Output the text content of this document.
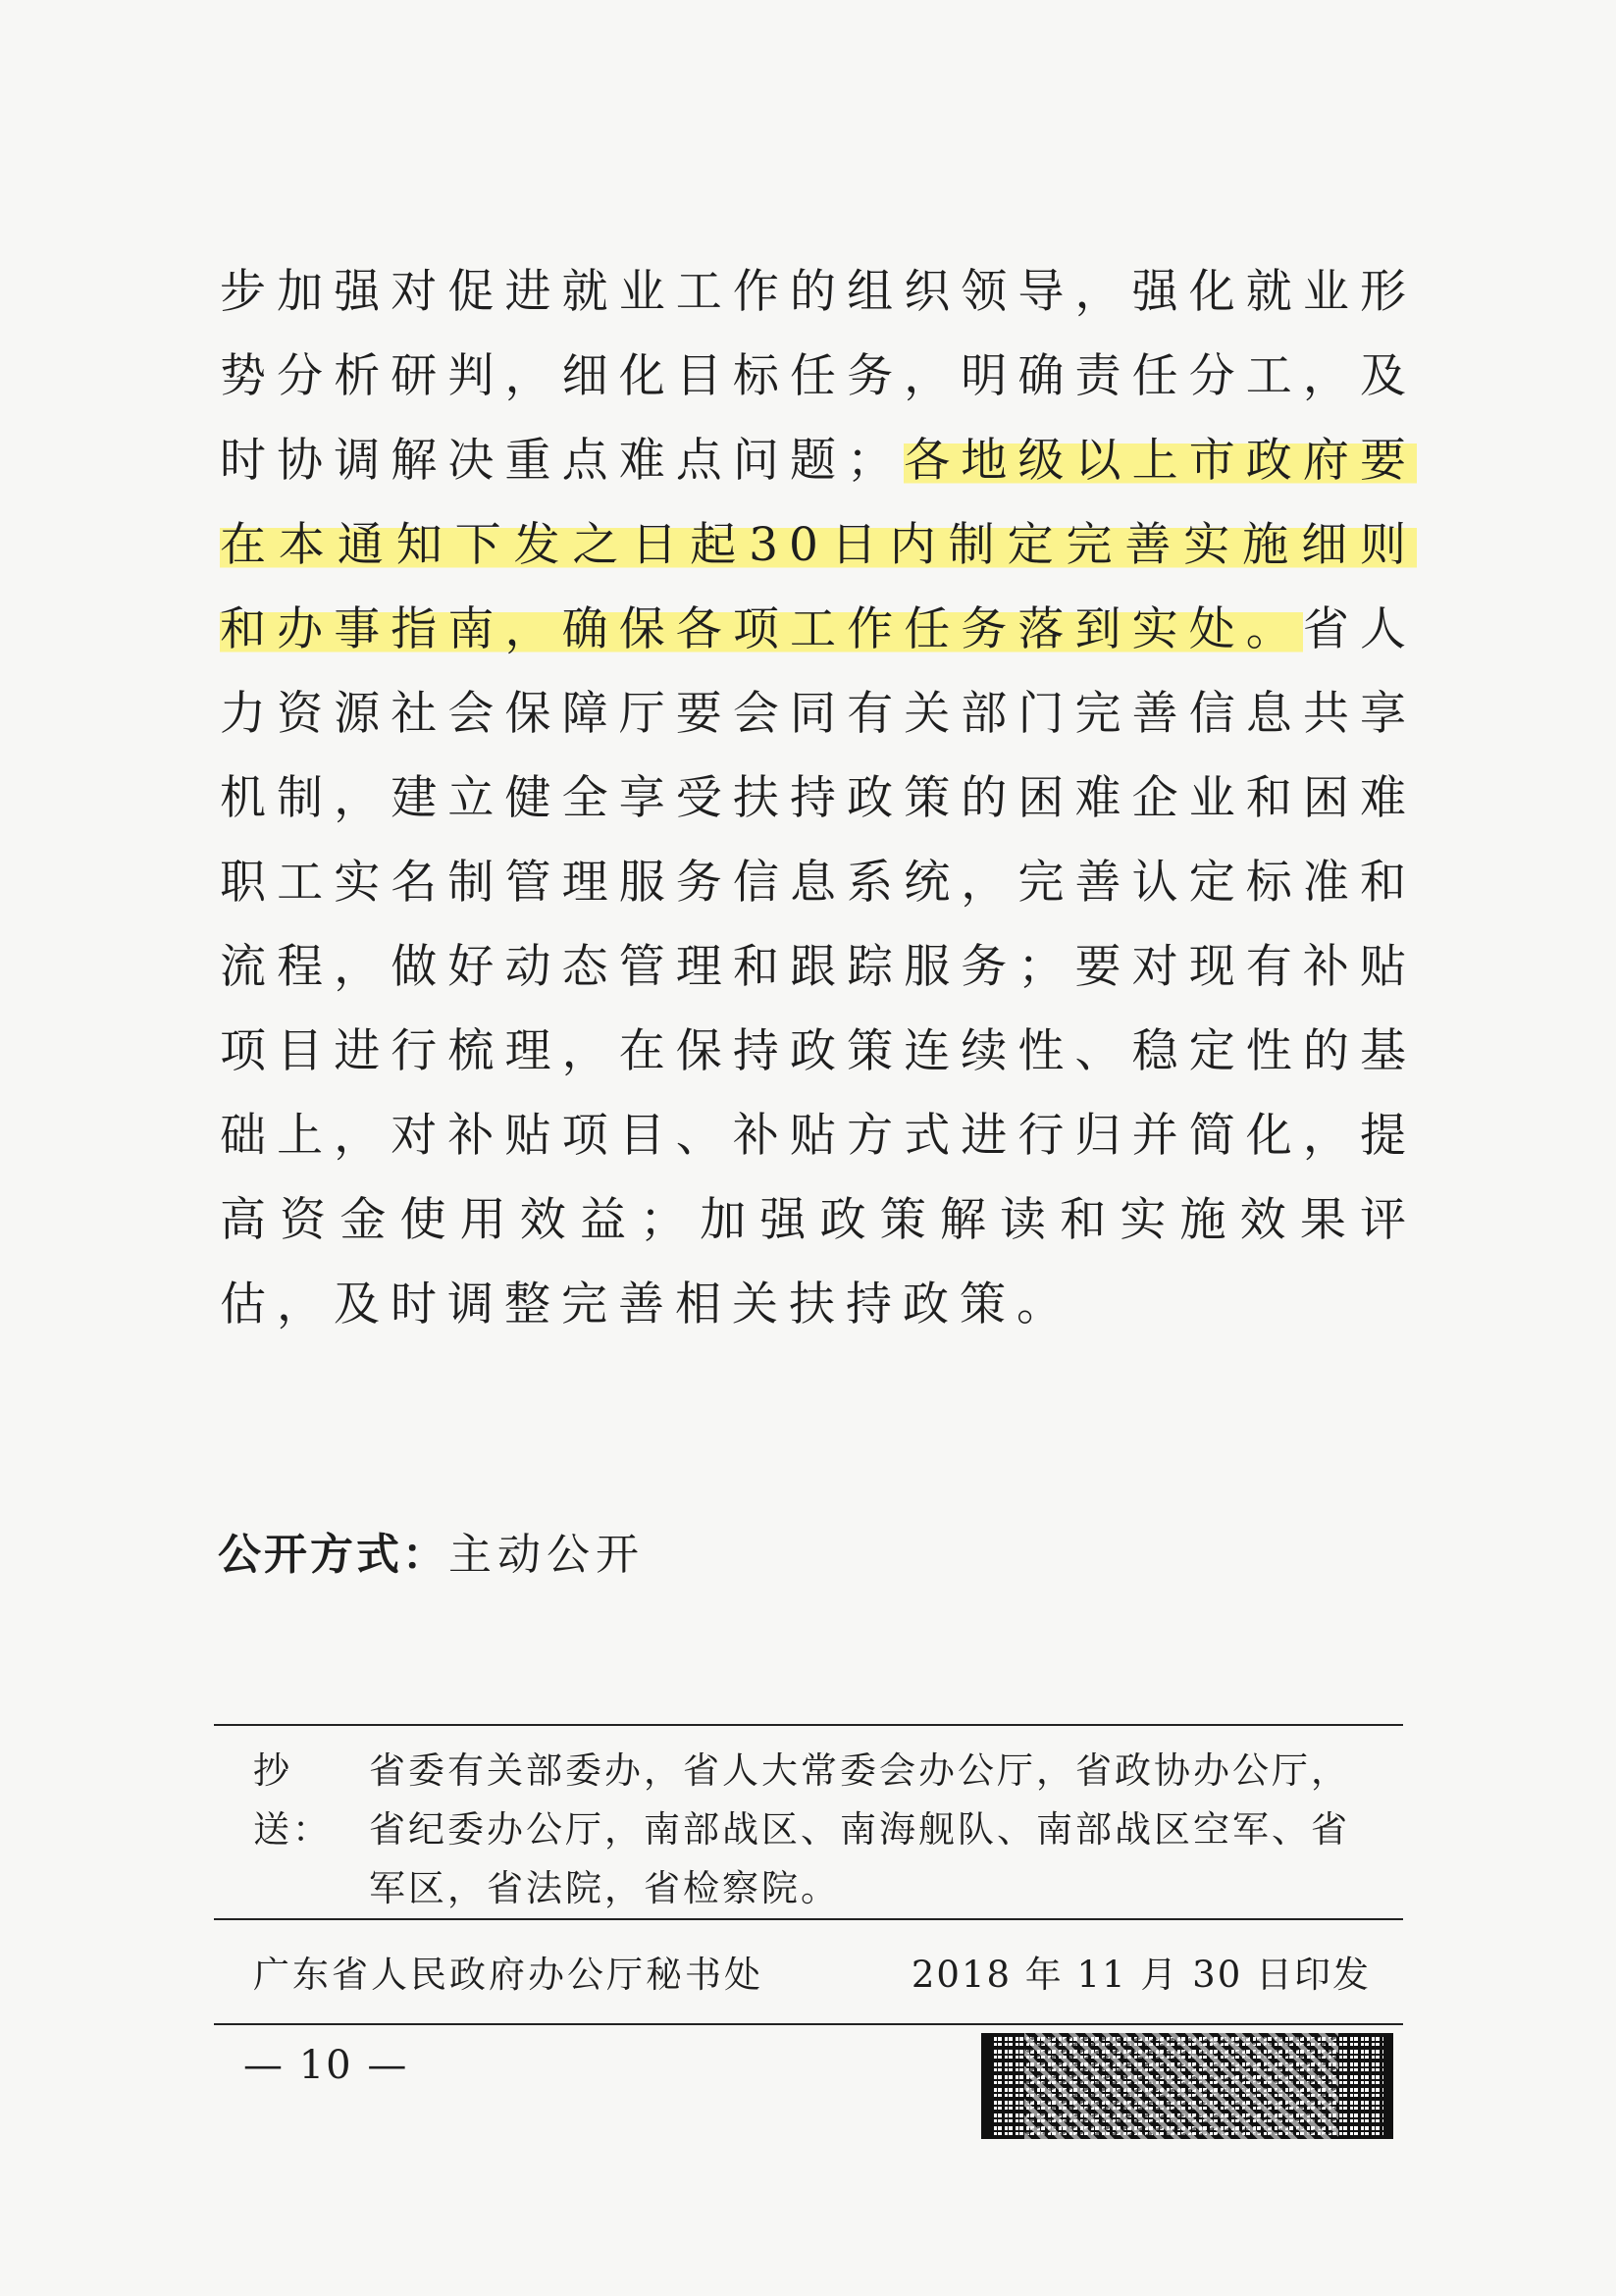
步加强对促进就业工作的组织领导，强化就业形势分析研判，细化目标任务，明确责任分工，及时协调解决重点难点问题；各地级以上市政府要在本通知下发之日起30日内制定完善实施细则和办事指南，确保各项工作任务落到实处。省人力资源社会保障厅要会同有关部门完善信息共享机制，建立健全享受扶持政策的困难企业和困难职工实名制管理服务信息系统，完善认定标准和流程，做好动态管理和跟踪服务；要对现有补贴项目进行梳理，在保持政策连续性、稳定性的基础上，对补贴项目、补贴方式进行归并简化，提高资金使用效益；加强政策解读和实施效果评估，及时调整完善相关扶持政策。
公开方式：主动公开
抄送：
省委有关部委办，省人大常委会办公厅，省政协办公厅，省纪委办公厅，南部战区、南海舰队、南部战区空军、省军区，省法院，省检察院。
广东省人民政府办公厅秘书处	2018 年 11 月 30 日印发
— 10 —
